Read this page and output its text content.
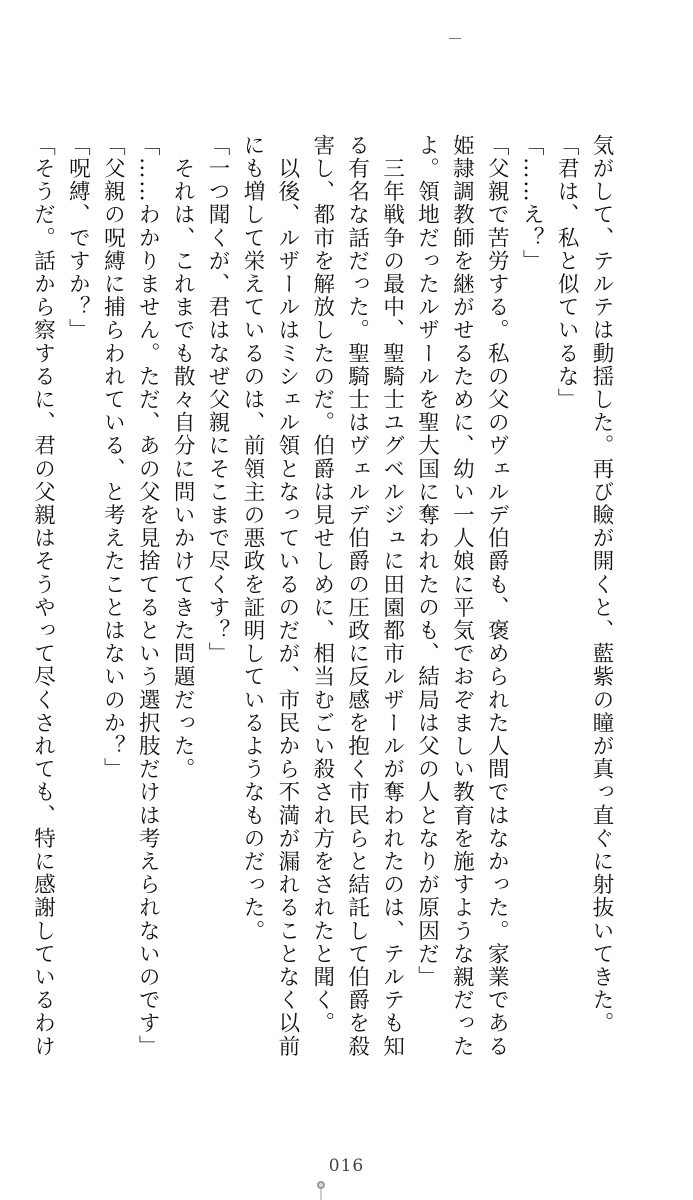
気がして、テルテは動揺した。再び瞼が開くと、藍紫の瞳が真っ直ぐに射抜いてきた。
「君は、私と似ているな」
「……え？」
「父親で苦労する。私の父のヴェルデ伯爵も、褒められた人間ではなかった。家業である
姫隷調教師を継がせるために、幼い一人娘に平気でおぞましい教育を施すような親だった
よ。領地だったルザールを聖大国に奪われたのも、結局は父の人となりが原因だ」
　三年戦争の最中、聖騎士ユグベルジュに田園都市ルザールが奪われたのは、テルテも知
る有名な話だった。聖騎士はヴェルデ伯爵の圧政に反感を抱く市民らと結託して伯爵を殺
害し、都市を解放したのだ。伯爵は見せしめに、相当むごい殺され方をされたと聞く。
　以後、ルザールはミシェル領となっているのだが、市民から不満が漏れることなく以前
にも増して栄えているのは、前領主の悪政を証明しているようなものだった。
「一つ聞くが、君はなぜ父親にそこまで尽くす？」
　それは、これまでも散々自分に問いかけてきた問題だった。
「……わかりません。ただ、あの父を見捨てるという選択肢だけは考えられないのです」
「父親の呪縛に捕らわれている、と考えたことはないのか？」
「呪縛、ですか？」
「そうだ。話から察するに、君の父親はそうやって尽くされても、特に感謝しているわけ
016
